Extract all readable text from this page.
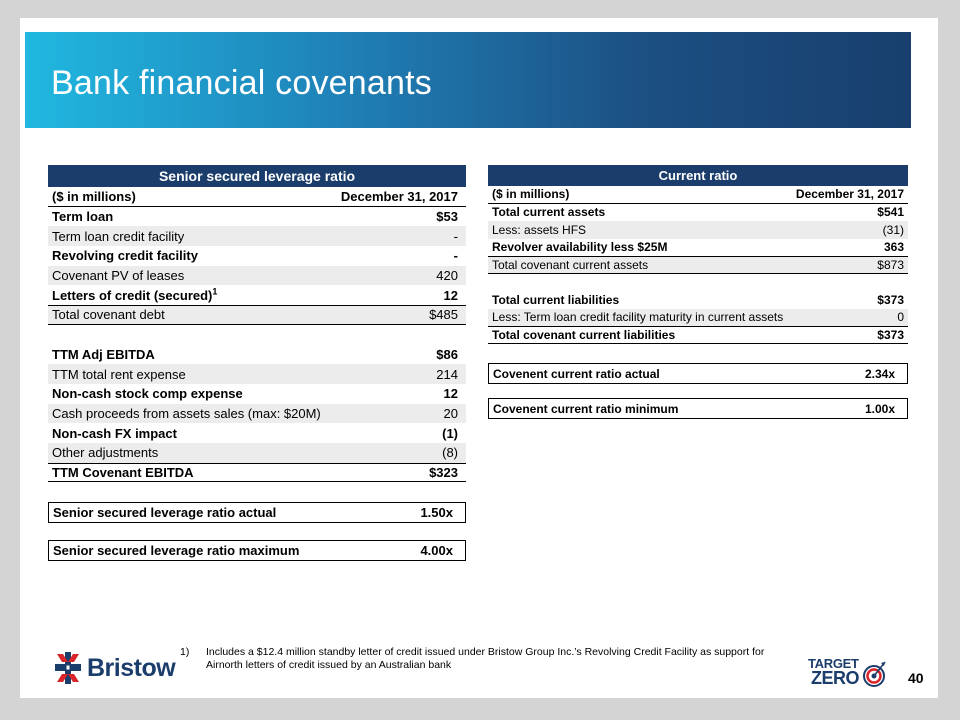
Bank financial covenants
Senior secured leverage ratio
($ in millions)	December 31, 2017
Term loan	$53
Term loan credit facility	-
Revolving credit facility	-
Covenant PV of leases	420
Letters of credit (secured)$^1$	12
Total covenant debt	$485
TTM Adj EBITDA	$86
TTM total rent expense	214
Non-cash stock comp expense	12
Cash proceeds from assets sales (max: $20M)	20
Non-cash FX impact	(1)
Other adjustments	(8)
TTM Covenant EBITDA	$323
Senior secured leverage ratio actual	1.50x
Senior secured leverage ratio maximum	4.00x
Current ratio
($ in millions)	December 31, 2017
Total current assets	$541
Less: assets HFS	(31)
Revolver availability less $25M	363
Total covenant current assets	$873
Total current liabilities	$373
Less: Term loan credit facility maturity in current assets	0
Total covenant current liabilities	$373
Covenent current ratio actual	2.34x
Covenent current ratio minimum	1.00x
1)	Includes a $12.4 million standby letter of credit issued under Bristow Group Inc.’s Revolving Credit Facility as support for Airnorth letters of credit issued by an Australian bank
Bristow	TARGET
ZERO	40
